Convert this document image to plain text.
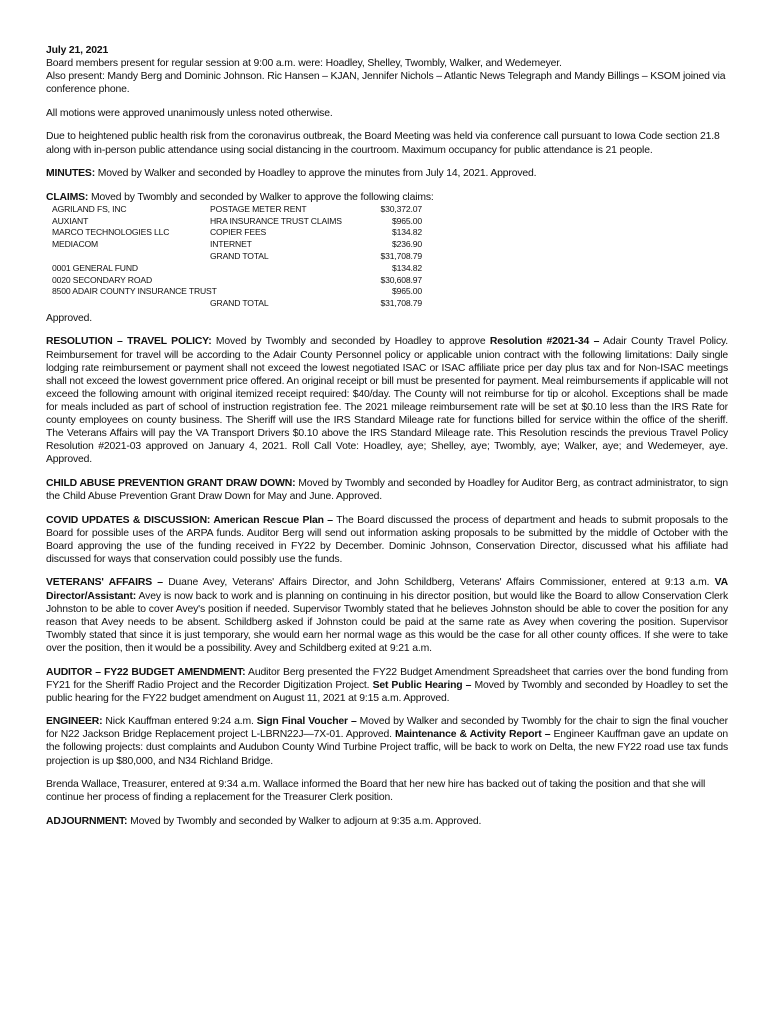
July 21, 2021
Board members present for regular session at 9:00 a.m. were: Hoadley, Shelley, Twombly, Walker, and Wedemeyer.
Also present: Mandy Berg and Dominic Johnson. Ric Hansen – KJAN, Jennifer Nichols – Atlantic News Telegraph and Mandy Billings – KSOM joined via conference phone.

All motions were approved unanimously unless noted otherwise.

Due to heightened public health risk from the coronavirus outbreak, the Board Meeting was held via conference call pursuant to Iowa Code section 21.8 along with in-person public attendance using social distancing in the courtroom. Maximum occupancy for public attendance is 21 people.

MINUTES: Moved by Walker and seconded by Hoadley to approve the minutes from July 14, 2021. Approved.

CLAIMS: Moved by Twombly and seconded by Walker to approve the following claims:
AGRILAND FS, INC	POSTAGE METER RENT	$30,372.07
AUXIANT	HRA INSURANCE TRUST CLAIMS	$965.00
MARCO TECHNOLOGIES LLC	COPIER FEES	$134.82
MEDIACOM	INTERNET	$236.90
GRAND TOTAL	$31,708.79
0001 GENERAL FUND	$134.82
0020 SECONDARY ROAD	$30,608.97
8500 ADAIR COUNTY INSURANCE TRUST	$965.00
GRAND TOTAL	$31,708.79

Approved.

RESOLUTION – TRAVEL POLICY: Moved by Twombly and seconded by Hoadley to approve Resolution #2021-34 – Adair County Travel Policy. Reimbursement for travel will be according to the Adair County Personnel policy or applicable union contract with the following limitations: Daily single lodging rate reimbursement or payment shall not exceed the lowest negotiated ISAC or ISAC affiliate price per day plus tax and for Non-ISAC meetings shall not exceed the lowest government price offered. An original receipt or bill must be presented for payment. Meal reimbursements if applicable will not exceed the following amount with original itemized receipt required: $40/day. The County will not reimburse for tip or alcohol. Exceptions shall be made for meals included as part of school of instruction registration fee. The 2021 mileage reimbursement rate will be set at $0.10 less than the IRS Rate for county employees on county business. The Sheriff will use the IRS Standard Mileage rate for functions billed for service within the office of the sheriff. The Veterans Affairs will pay the VA Transport Drivers $0.10 above the IRS Standard Mileage rate. This Resolution rescinds the previous Travel Policy Resolution #2021-03 approved on January 4, 2021. Roll Call Vote: Hoadley, aye; Shelley, aye; Twombly, aye; Walker, aye; and Wedemeyer, aye. Approved.

CHILD ABUSE PREVENTION GRANT DRAW DOWN: Moved by Twombly and seconded by Hoadley for Auditor Berg, as contract administrator, to sign the Child Abuse Prevention Grant Draw Down for May and June. Approved.

COVID UPDATES & DISCUSSION: American Rescue Plan – The Board discussed the process of department and heads to submit proposals to the Board for possible uses of the ARPA funds. Auditor Berg will send out information asking proposals to be submitted by the middle of October with the Board approving the use of the funding received in FY22 by December. Dominic Johnson, Conservation Director, discussed what his affiliate had discussed for ways that conservation could possibly use the funds.

VETERANS' AFFAIRS – Duane Avey, Veterans' Affairs Director, and John Schildberg, Veterans' Affairs Commissioner, entered at 9:13 a.m. VA Director/Assistant: Avey is now back to work and is planning on continuing in his director position, but would like the Board to allow Conservation Clerk Johnston to be able to cover Avey's position if needed. Supervisor Twombly stated that he believes Johnston should be able to cover the position for any reason that Avey needs to be absent. Schildberg asked if Johnston could be paid at the same rate as Avey when covering the position. Supervisor Twombly stated that since it is just temporary, she would earn her normal wage as this would be the case for all other county offices. If she were to take over the position, then it would be a possibility. Avey and Schildberg exited at 9:21 a.m.

AUDITOR – FY22 BUDGET AMENDMENT: Auditor Berg presented the FY22 Budget Amendment Spreadsheet that carries over the bond funding from FY21 for the Sheriff Radio Project and the Recorder Digitization Project. Set Public Hearing – Moved by Twombly and seconded by Hoadley to set the public hearing for the FY22 budget amendment on August 11, 2021 at 9:15 a.m. Approved.

ENGINEER: Nick Kauffman entered 9:24 a.m. Sign Final Voucher – Moved by Walker and seconded by Twombly for the chair to sign the final voucher for N22 Jackson Bridge Replacement project L-LBRN22J—7X-01. Approved. Maintenance & Activity Report – Engineer Kauffman gave an update on the following projects: dust complaints and Audubon County Wind Turbine Project traffic, will be back to work on Delta, the new FY22 road use tax funds projection is up $80,000, and N34 Richland Bridge.

Brenda Wallace, Treasurer, entered at 9:34 a.m. Wallace informed the Board that her new hire has backed out of taking the position and that she will continue her process of finding a replacement for the Treasurer Clerk position.

ADJOURNMENT: Moved by Twombly and seconded by Walker to adjourn at 9:35 a.m. Approved.
